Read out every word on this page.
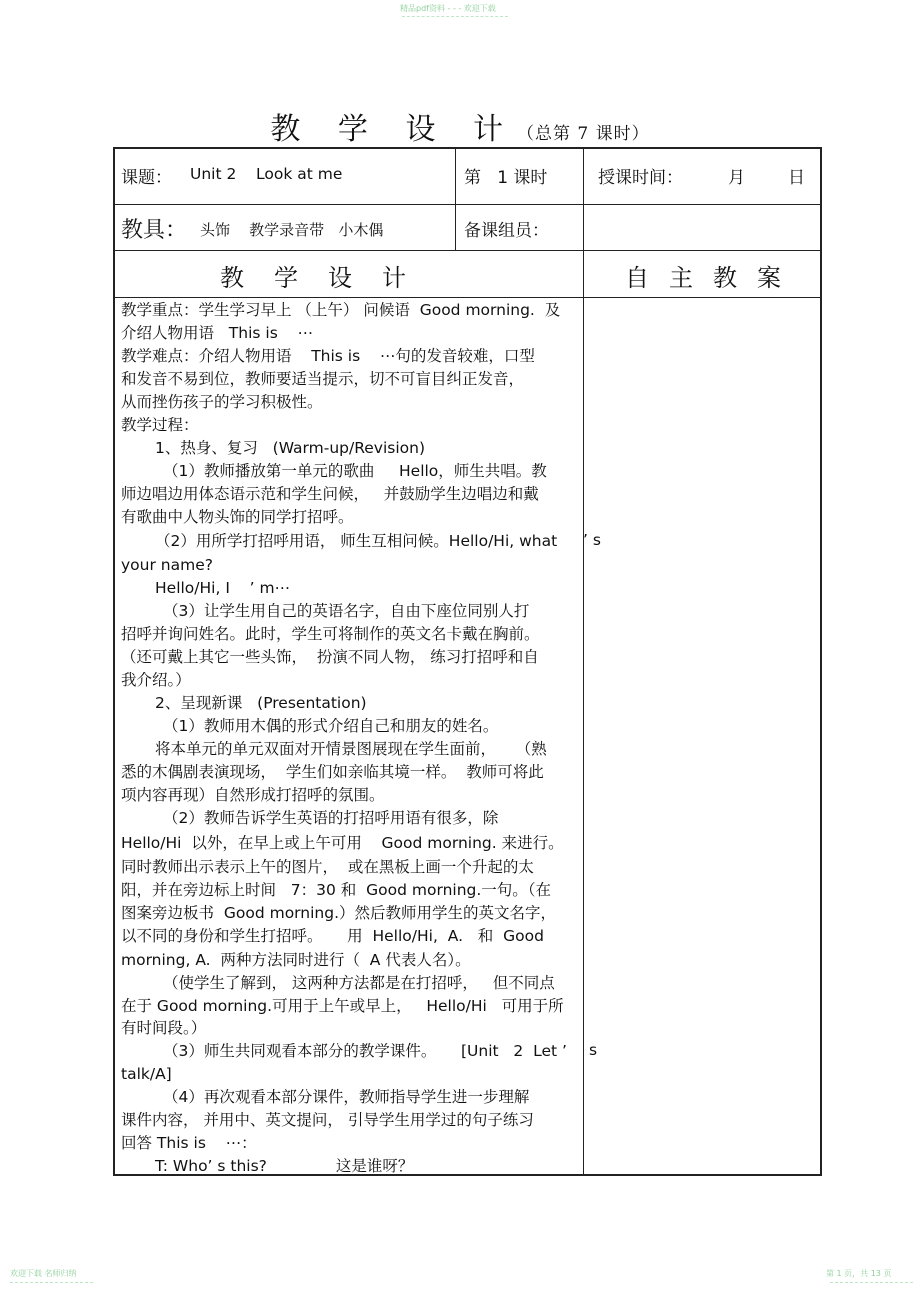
精品pdf资料 - - - 欢迎下载
教 学 设 计（总第 7 课时）
课题： Unit 2    Look at me	第   1 课时	授课时间：	月	日
教具： 头饰    教学录音带   小木偶	备课组员：
教学设计	自主教案
教学重点：学生学习早上 （上午） 问候语  Good morning.  及
介绍人物用语   This is    ⋯
教学难点：介绍人物用语    This is    ⋯句的发音较难，口型
和发音不易到位，教师要适当提示，切不可盲目纠正发音，
从而挫伤孩子的学习积极性。
教学过程：
1、热身、复习   (Warm-up/Revision)
（1）教师播放第一单元的歌曲     Hello，师生共唱。教
师边唱边用体态语示范和学生问候，   并鼓励学生边唱边和戴
有歌曲中人物头饰的同学打招呼。
（2）用所学打招呼用语， 师生互相问候。Hello/Hi, what
your name?
Hello/Hi, I    ’ m⋯
（3）让学生用自己的英语名字，自由下座位同别人打
招呼并询问姓名。此时，学生可将制作的英文名卡戴在胸前。
（还可戴上其它一些头饰，  扮演不同人物， 练习打招呼和自
我介绍。）
2、呈现新课   (Presentation)
（1）教师用木偶的形式介绍自己和朋友的姓名。
将本单元的单元双面对开情景图展现在学生面前，    （熟
悉的木偶剧表演现场，  学生们如亲临其境一样。  教师可将此
项内容再现）自然形成打招呼的氛围。
（2）教师告诉学生英语的打招呼用语有很多，除
Hello/Hi  以外，在早上或上午可用    Good morning. 来进行。
同时教师出示表示上午的图片，  或在黑板上画一个升起的太
阳，并在旁边标上时间   7：30 和  Good morning.一句。（在
图案旁边板书  Good morning.）然后教师用学生的英文名字，
以不同的身份和学生打招呼。     用  Hello/Hi,  A.   和  Good
morning, A.  两种方法同时进行（  A 代表人名）。
（使学生了解到， 这两种方法都是在打招呼，   但不同点
在于 Good morning.可用于上午或早上，   Hello/Hi   可用于所
有时间段。）
（3）师生共同观看本部分的教学课件。     [Unit   2  Let ’
talk/A]
（4）再次观看本部分课件，教师指导学生进一步理解
课件内容， 并用中、英文提问， 引导学生用学过的句子练习
回答 This is    ⋯：
T: Who’ s this?              这是谁呀？
’ s
s
欢迎下载 名师归纳	第 1 页，共 13 页
